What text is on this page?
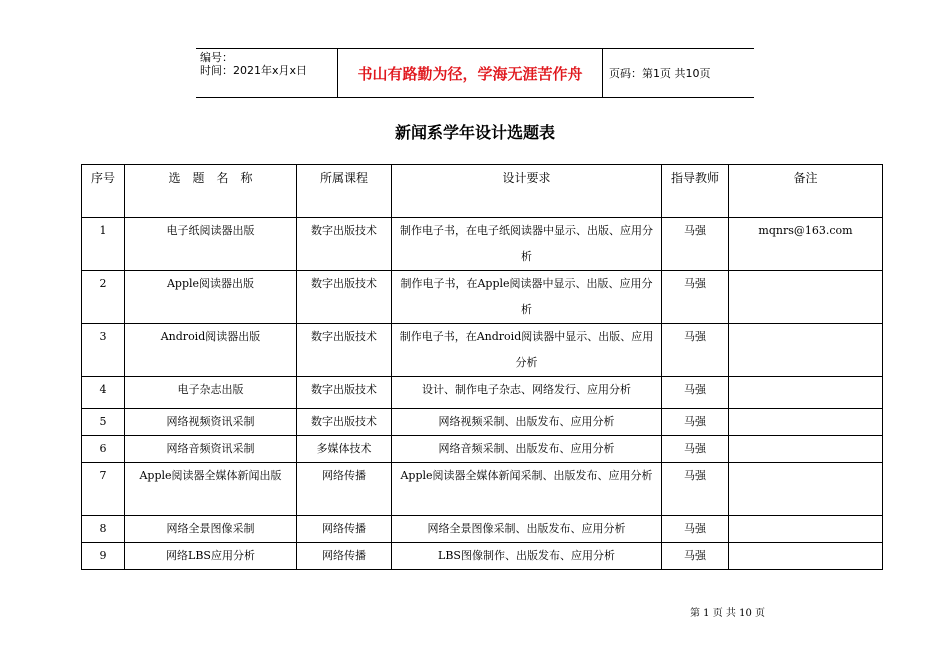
编号：
时间：2021年x月x日	书山有路勤为径，学海无涯苦作舟	页码：第1页 共10页
新闻系学年设计选题表
序号	选　题　名　称	所属课程	设计要求	指导教师	备注
1	电子纸阅读器出版	数字出版技术	制作电子书，在电子纸阅读器中显示、出版、应用分析	马强	mqnrs@163.com
2	Apple阅读器出版	数字出版技术	制作电子书，在Apple阅读器中显示、出版、应用分析	马强	
3	Android阅读器出版	数字出版技术	制作电子书，在Android阅读器中显示、出版、应用分析	马强	
4	电子杂志出版	数字出版技术	设计、制作电子杂志、网络发行、应用分析	马强	
5	网络视频资讯采制	数字出版技术	网络视频采制、出版发布、应用分析	马强	
6	网络音频资讯采制	多媒体技术	网络音频采制、出版发布、应用分析	马强	
7	Apple阅读器全媒体新闻出版	网络传播	Apple阅读器全媒体新闻采制、出版发布、应用分析	马强	
8	网络全景图像采制	网络传播	网络全景图像采制、出版发布、应用分析	马强	
9	网络LBS应用分析	网络传播	LBS图像制作、出版发布、应用分析	马强	
第 1 页 共 10 页
